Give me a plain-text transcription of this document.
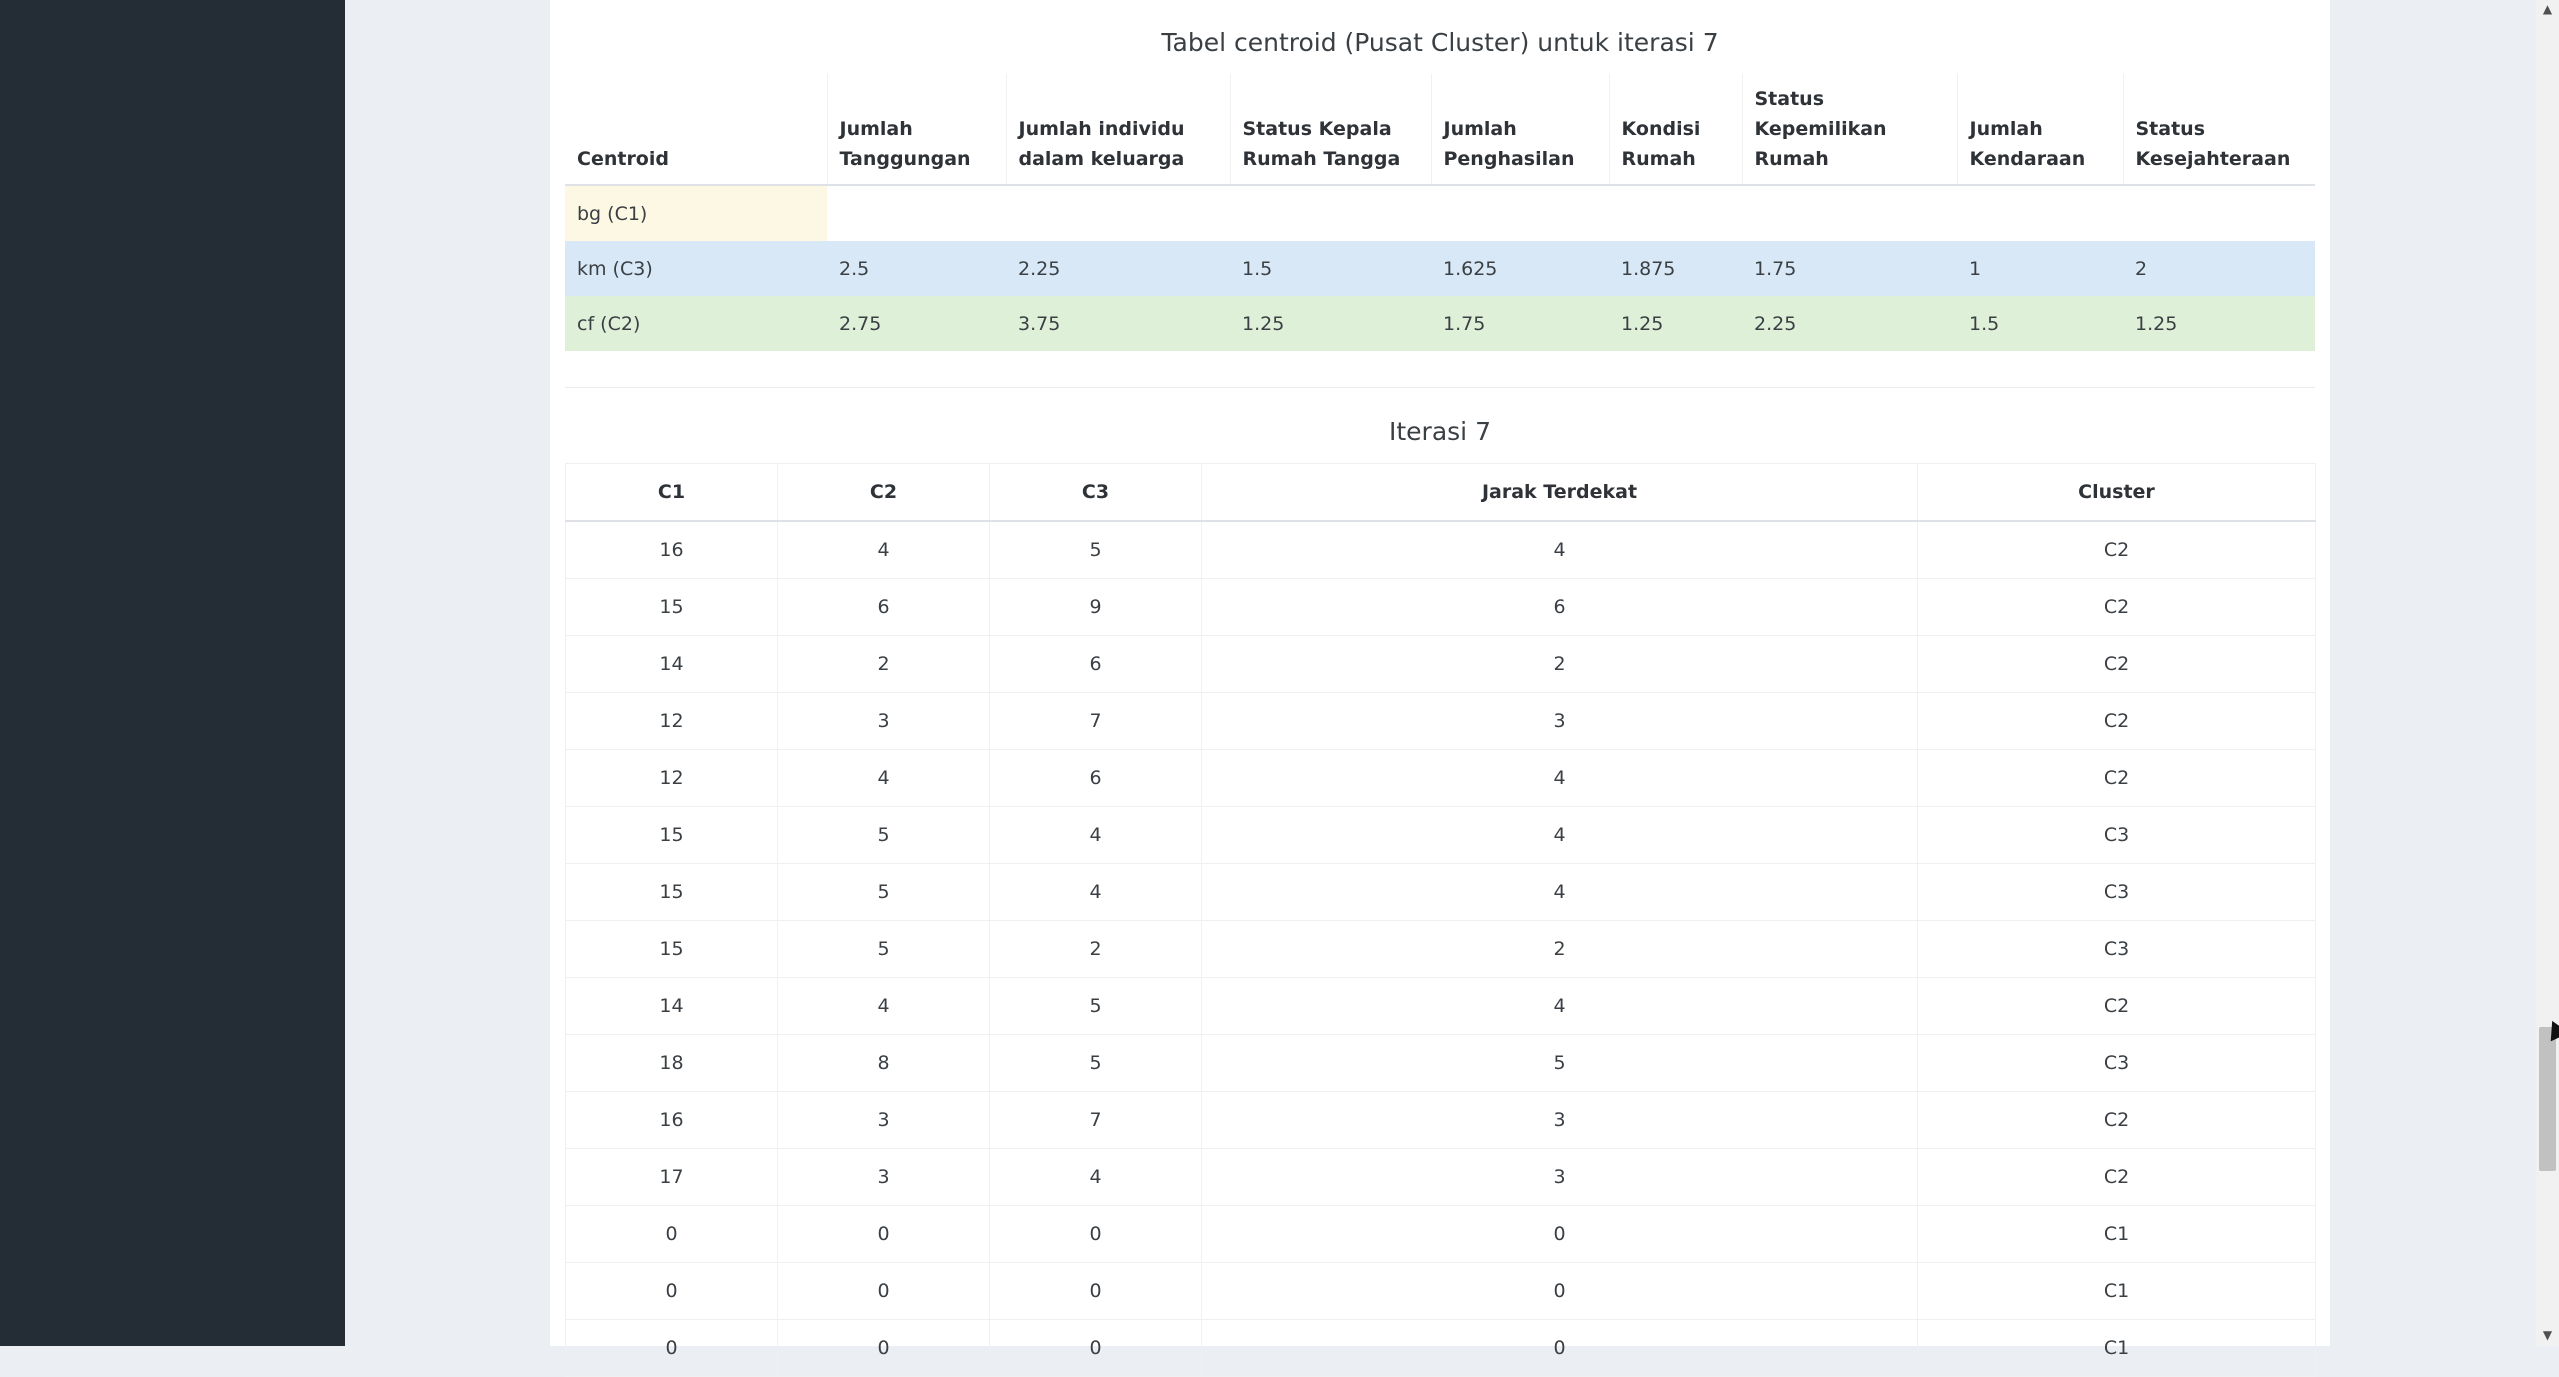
Tabel centroid (Pusat Cluster) untuk iterasi 7
Centroid	Jumlah Tanggungan	Jumlah individu dalam keluarga	Status Kepala Rumah Tangga	Jumlah Penghasilan	Kondisi Rumah	Status Kepemilikan Rumah	Jumlah Kendaraan	Status Kesejahteraan
bg (C1)								
km (C3)	2.5	2.25	1.5	1.625	1.875	1.75	1	2
cf (C2)	2.75	3.75	1.25	1.75	1.25	2.25	1.5	1.25
Iterasi 7
C1	C2	C3	Jarak Terdekat	Cluster
16	4	5	4	C2
15	6	9	6	C2
14	2	6	2	C2
12	3	7	3	C2
12	4	6	4	C2
15	5	4	4	C3
15	5	4	4	C3
15	5	2	2	C3
14	4	5	4	C2
18	8	5	5	C3
16	3	7	3	C2
17	3	4	3	C2
0	0	0	0	C1
0	0	0	0	C1
0	0	0	0	C1
▲
▼
